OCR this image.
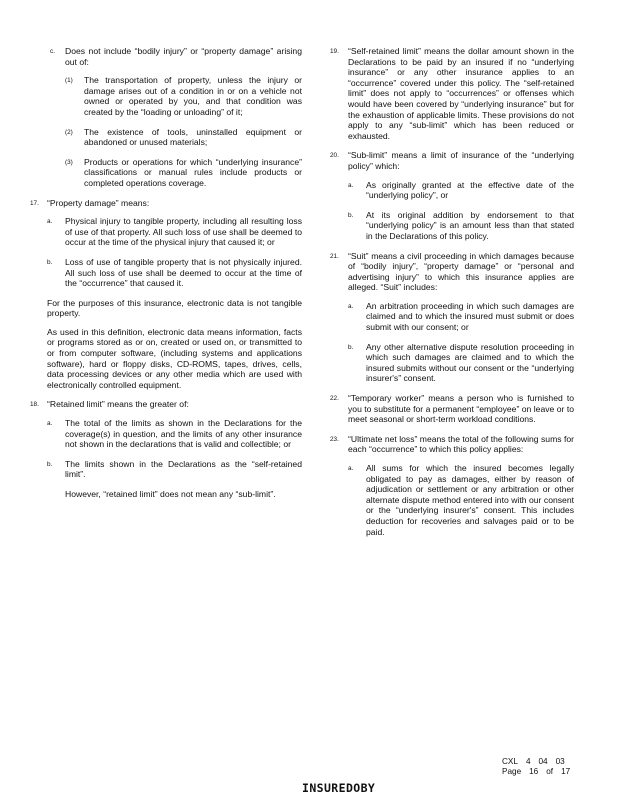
c. Does not include “bodily injury” or “property damage” arising out of:
(1) The transportation of property, unless the injury or damage arises out of a condition in or on a vehicle not owned or operated by you, and that condition was created by the “loading or unloading” of it;
(2) The existence of tools, uninstalled equipment or abandoned or unused materials;
(3) Products or operations for which “underlying insurance” classifications or manual rules include products or completed operations coverage.
17. “Property damage” means:
a. Physical injury to tangible property, including all resulting loss of use of that property. All such loss of use shall be deemed to occur at the time of the physical injury that caused it; or
b. Loss of use of tangible property that is not physically injured. All such loss of use shall be deemed to occur at the time of the “occurrence” that caused it.
For the purposes of this insurance, electronic data is not tangible property.
As used in this definition, electronic data means information, facts or programs stored as or on, created or used on, or transmitted to or from computer software, (including systems and applications software), hard or floppy disks, CD-ROMS, tapes, drives, cells, data processing devices or any other media which are used with electronically controlled equipment.
18. “Retained limit” means the greater of:
a. The total of the limits as shown in the Declarations for the coverage(s) in question, and the limits of any other insurance not shown in the declarations that is valid and collectible; or
b. The limits shown in the Declarations as the “self-retained limit”.
However, “retained limit” does not mean any “sub-limit”.
19. “Self-retained limit” means the dollar amount shown in the Declarations to be paid by an insured if no “underlying insurance” or any other insurance applies to an “occurrence” covered under this policy. The “self-retained limit” does not apply to “occurrences” or offenses which would have been covered by “underlying insurance” but for the exhaustion of applicable limits. These provisions do not apply to any “sub-limit” which has been reduced or exhausted.
20. “Sub-limit” means a limit of insurance of the “underlying policy” which:
a. As originally granted at the effective date of the “underlying policy”, or
b. At its original addition by endorsement to that “underlying policy” is an amount less than that stated in the Declarations of this policy.
21. “Suit” means a civil proceeding in which damages because of “bodily injury”, “property damage” or “personal and advertising injury” to which this insurance applies are alleged. “Suit” includes:
a. An arbitration proceeding in which such damages are claimed and to which the insured must submit or does submit with our consent; or
b. Any other alternative dispute resolution proceeding in which such damages are claimed and to which the insured submits without our consent or the “underlying insurer's” consent.
22. “Temporary worker” means a person who is furnished to you to substitute for a permanent “employee” on leave or to meet seasonal or short-term workload conditions.
23. “Ultimate net loss” means the total of the following sums for each “occurrence” to which this policy applies:
a. All sums for which the insured becomes legally obligated to pay as damages, either by reason of adjudication or settlement or any arbitration or other alternate dispute method entered into with our consent or the “underlying insurer's” consent. This includes deduction for recoveries and salvages paid or to be paid.
CXL 4 04 03
Page 16 of 17
INSUREDOBY
